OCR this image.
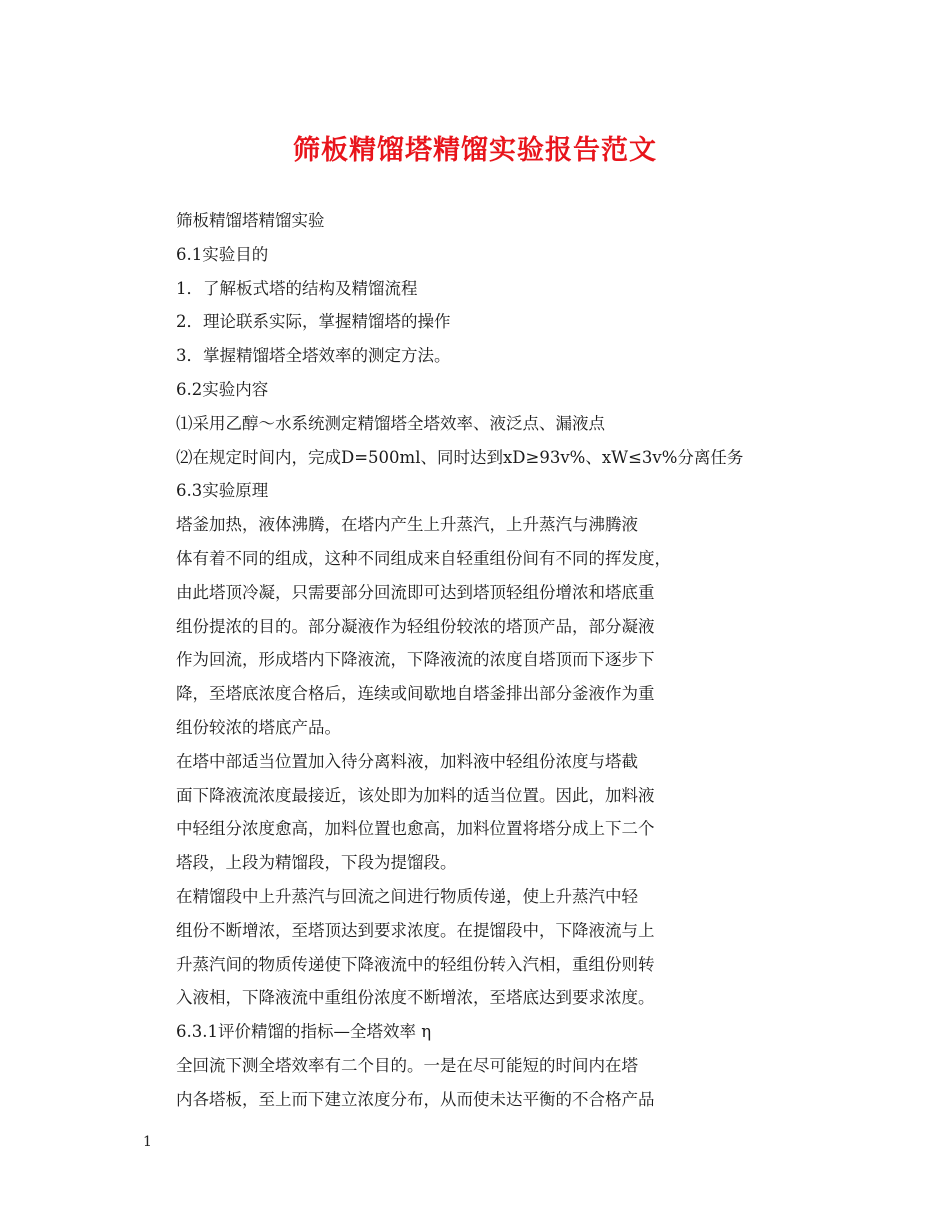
筛板精馏塔精馏实验报告范文
筛板精馏塔精馏实验
6.1实验目的
1．了解板式塔的结构及精馏流程
2．理论联系实际，掌握精馏塔的操作
3．掌握精馏塔全塔效率的测定方法。
6.2实验内容
⑴采用乙醇～水系统测定精馏塔全塔效率、液泛点、漏液点
⑵在规定时间内，完成D=500ml、同时达到xD≥93v%、xW≤3v%分离任务
6.3实验原理
塔釜加热，液体沸腾，在塔内产生上升蒸汽，上升蒸汽与沸腾液
体有着不同的组成，这种不同组成来自轻重组份间有不同的挥发度，
由此塔顶冷凝，只需要部分回流即可达到塔顶轻组份增浓和塔底重
组份提浓的目的。部分凝液作为轻组份较浓的塔顶产品，部分凝液
作为回流，形成塔内下降液流，下降液流的浓度自塔顶而下逐步下
降，至塔底浓度合格后，连续或间歇地自塔釜排出部分釜液作为重
组份较浓的塔底产品。
在塔中部适当位置加入待分离料液，加料液中轻组份浓度与塔截
面下降液流浓度最接近，该处即为加料的适当位置。因此，加料液
中轻组分浓度愈高，加料位置也愈高，加料位置将塔分成上下二个
塔段，上段为精馏段，下段为提馏段。
在精馏段中上升蒸汽与回流之间进行物质传递，使上升蒸汽中轻
组份不断增浓，至塔顶达到要求浓度。在提馏段中，下降液流与上
升蒸汽间的物质传递使下降液流中的轻组份转入汽相，重组份则转
入液相，下降液流中重组份浓度不断增浓，至塔底达到要求浓度。
6.3.1评价精馏的指标—全塔效率 η
全回流下测全塔效率有二个目的。一是在尽可能短的时间内在塔
内各塔板，至上而下建立浓度分布，从而使未达平衡的不合格产品
1
